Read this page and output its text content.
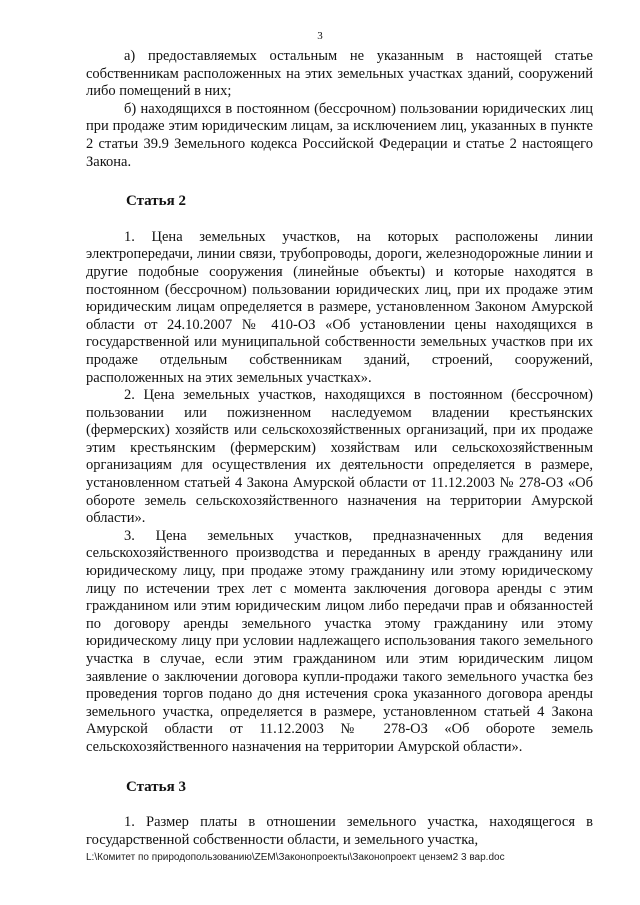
3

а) предоставляемых остальным не указанным в настоящей статье собственникам расположенных на этих земельных участках зданий, сооружений либо помещений в них;

б) находящихся в постоянном (бессрочном) пользовании юридических лиц при продаже этим юридическим лицам, за исключением лиц, указанных в пункте 2 статьи 39.9 Земельного кодекса Российской Федерации и статье 2 настоящего Закона.

Статья 2

1. Цена земельных участков, на которых расположены линии электропередачи, линии связи, трубопроводы, дороги, железнодорожные линии и другие подобные сооружения (линейные объекты) и которые находятся в постоянном (бессрочном) пользовании юридических лиц, при их продаже этим юридическим лицам определяется в размере, установленном Законом Амурской области от 24.10.2007 № 410-ОЗ «Об установлении цены находящихся в государственной или муниципальной собственности земельных участков при их продаже отдельным собственникам зданий, строений, сооружений, расположенных на этих земельных участках».

2. Цена земельных участков, находящихся в постоянном (бессрочном) пользовании или пожизненном наследуемом владении крестьянских (фермерских) хозяйств или сельскохозяйственных организаций, при их продаже этим крестьянским (фермерским) хозяйствам или сельскохозяйственным организациям для осуществления их деятельности определяется в размере, установленном статьей 4 Закона Амурской области от 11.12.2003 № 278-ОЗ «Об обороте земель сельскохозяйственного назначения на территории Амурской области».

3. Цена земельных участков, предназначенных для ведения сельскохозяйственного производства и переданных в аренду гражданину или юридическому лицу, при продаже этому гражданину или этому юридическому лицу по истечении трех лет с момента заключения договора аренды с этим гражданином или этим юридическим лицом либо передачи прав и обязанностей по договору аренды земельного участка этому гражданину или этому юридическому лицу при условии надлежащего использования такого земельного участка в случае, если этим гражданином или этим юридическим лицом заявление о заключении договора купли-продажи такого земельного участка без проведения торгов подано до дня истечения срока указанного договора аренды земельного участка, определяется в размере, установленном статьей 4 Закона Амурской области от 11.12.2003 № 278-ОЗ «Об обороте земель сельскохозяйственного назначения на территории Амурской области».

Статья 3

1. Размер платы в отношении земельного участка, находящегося в государственной собственности области, и земельного участка,

L:\Комитет по природопользованию\ZEM\Законопроекты\Законопроект цензем2 3 вар.doc
